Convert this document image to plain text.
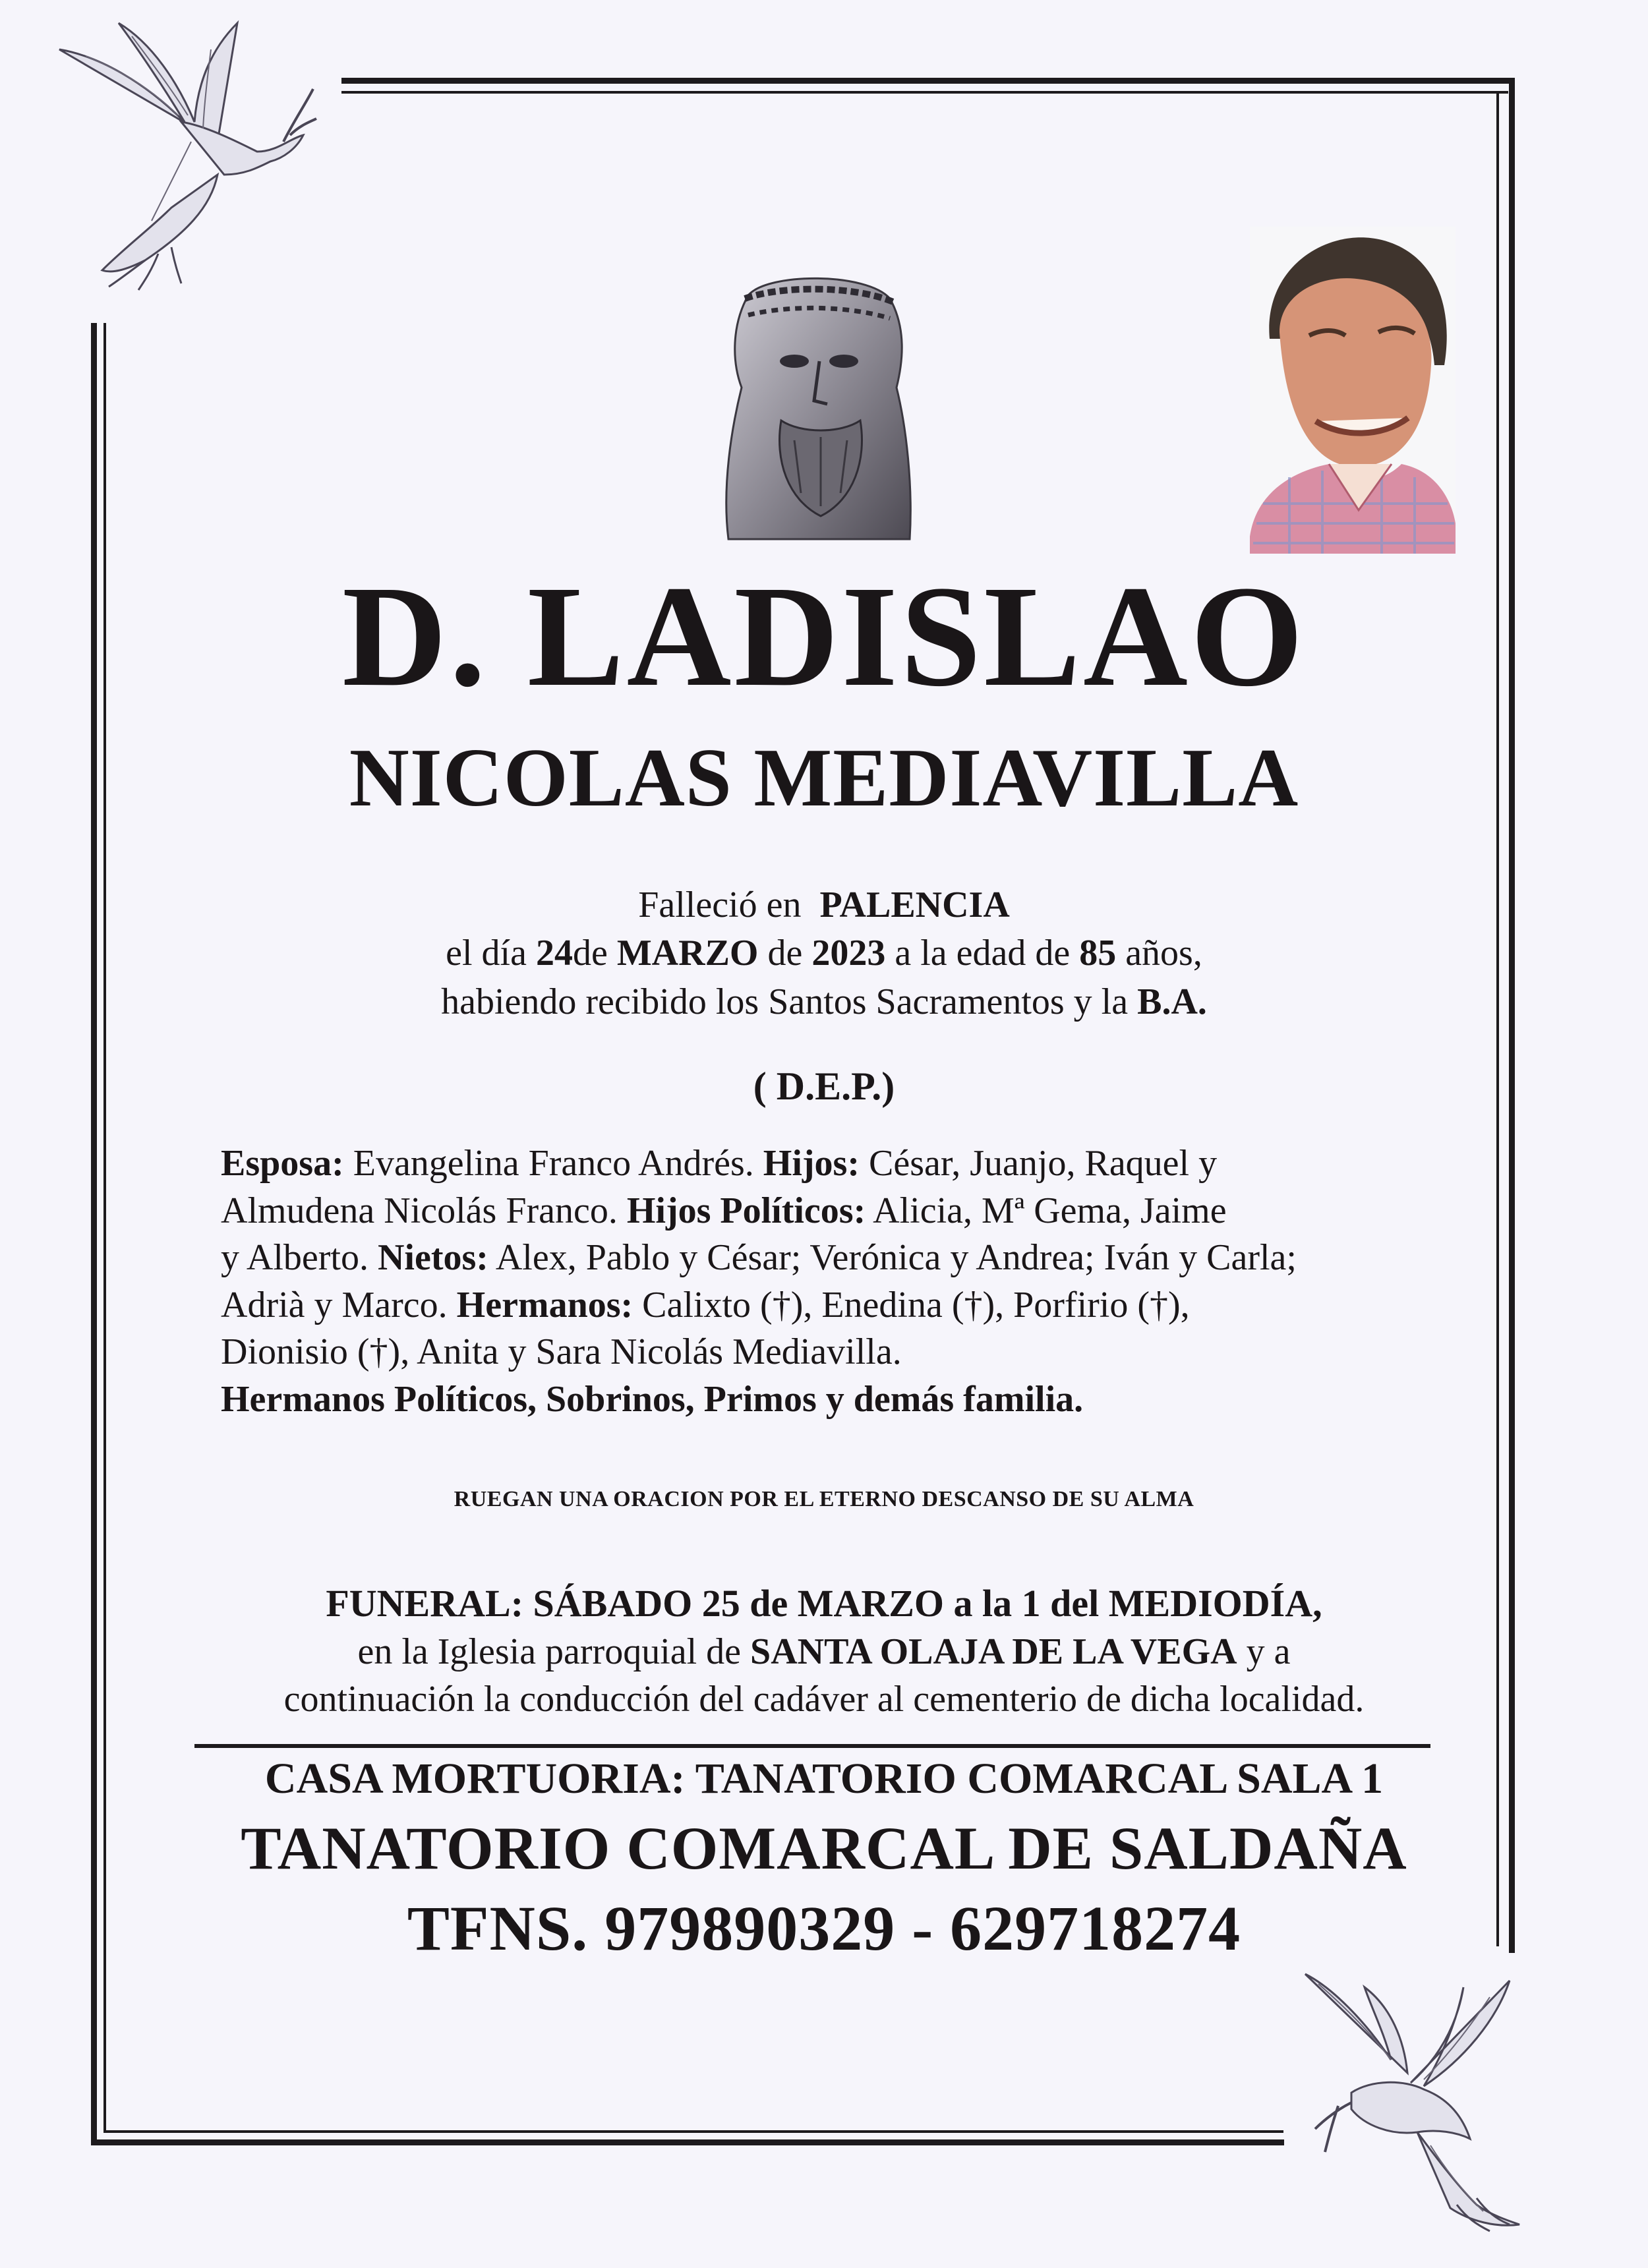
D. LADISLAO
NICOLAS MEDIAVILLA
Falleció en PALENCIA
el día 24de MARZO de 2023 a la edad de 85 años,
habiendo recibido los Santos Sacramentos y la B.A.
( D.E.P.)
Esposa: Evangelina Franco Andrés. Hijos: César, Juanjo, Raquel y
Almudena Nicolás Franco. Hijos Políticos: Alicia, Mª Gema, Jaime
y Alberto. Nietos: Alex, Pablo y César; Verónica y Andrea; Iván y Carla;
Adrià y Marco. Hermanos: Calixto (†), Enedina (†), Porfirio (†),
Dionisio (†), Anita y Sara Nicolás Mediavilla.
Hermanos Políticos, Sobrinos, Primos y demás familia.
RUEGAN UNA ORACION POR EL ETERNO DESCANSO DE SU ALMA
FUNERAL: SÁBADO 25 de MARZO a la 1 del MEDIODÍA,
en la Iglesia parroquial de SANTA OLAJA DE LA VEGA y a
continuación la conducción del cadáver al cementerio de dicha localidad.
CASA MORTUORIA: TANATORIO COMARCAL SALA 1
TANATORIO COMARCAL DE SALDAÑA
TFNS. 979890329 - 629718274
